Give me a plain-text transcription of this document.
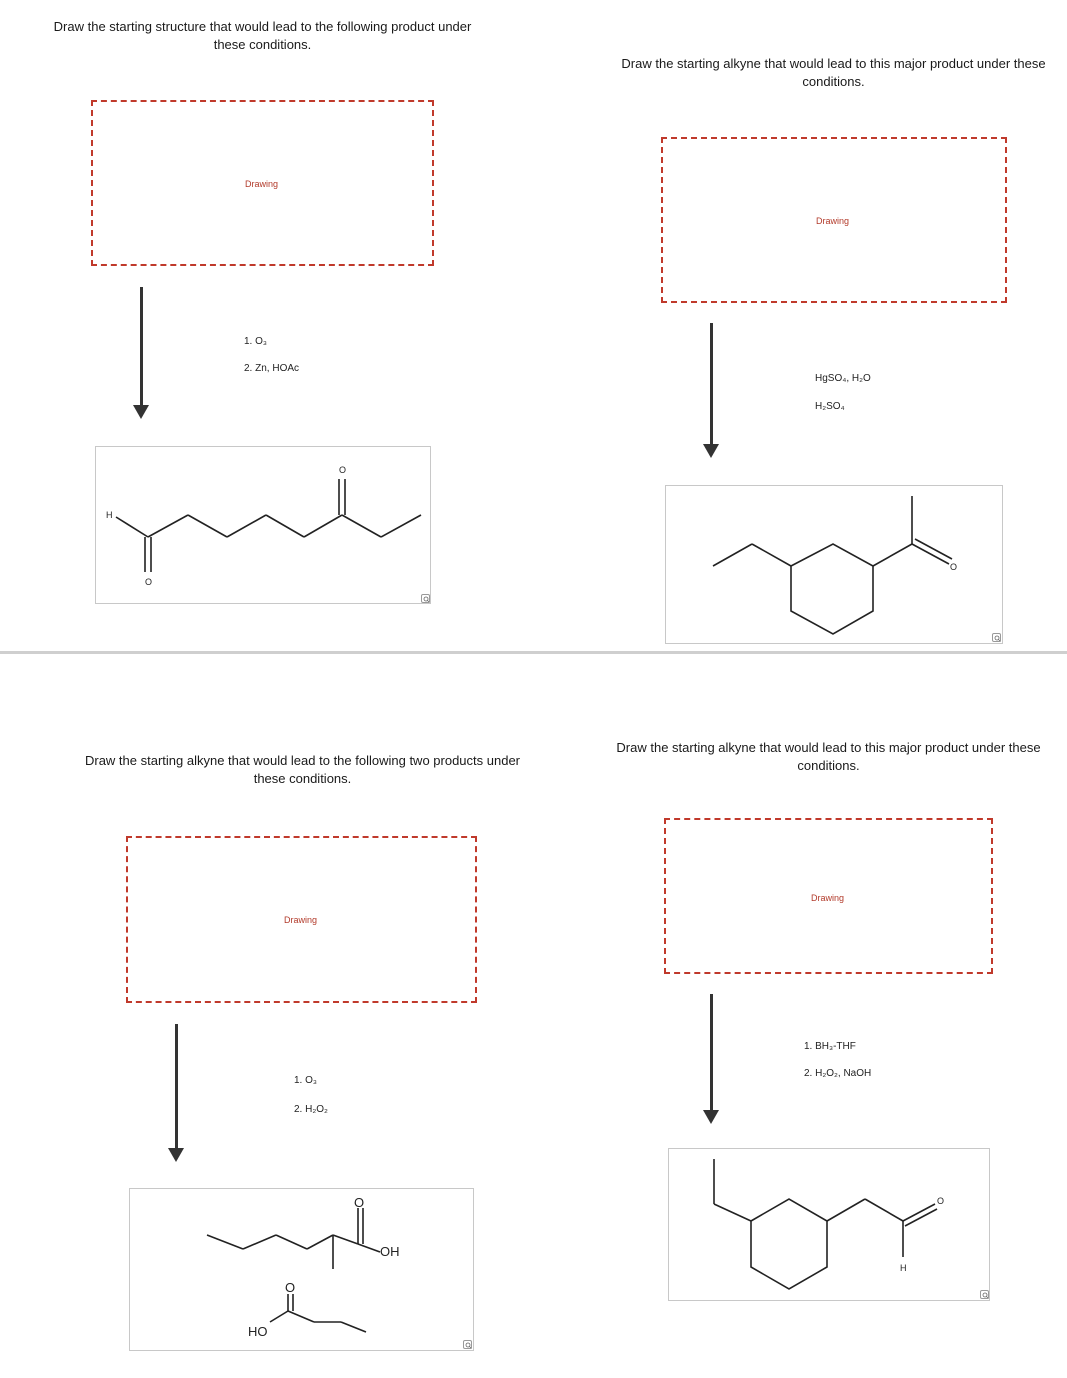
Draw the starting structure that would lead to the following product under
these conditions.
Drawing
1. O₃
2. Zn, HOAc
H
O
O
Draw the starting alkyne that would lead to this major product under these
conditions.
Drawing
HgSO₄, H₂O
H₂SO₄
O
Draw the starting alkyne that would lead to the following two products under
these conditions.
Drawing
1. O₃
2. H₂O₂
O
OH
O
HO
Draw the starting alkyne that would lead to this major product under these
conditions.
Drawing
1. BH₃-THF
2. H₂O₂, NaOH
O
H
